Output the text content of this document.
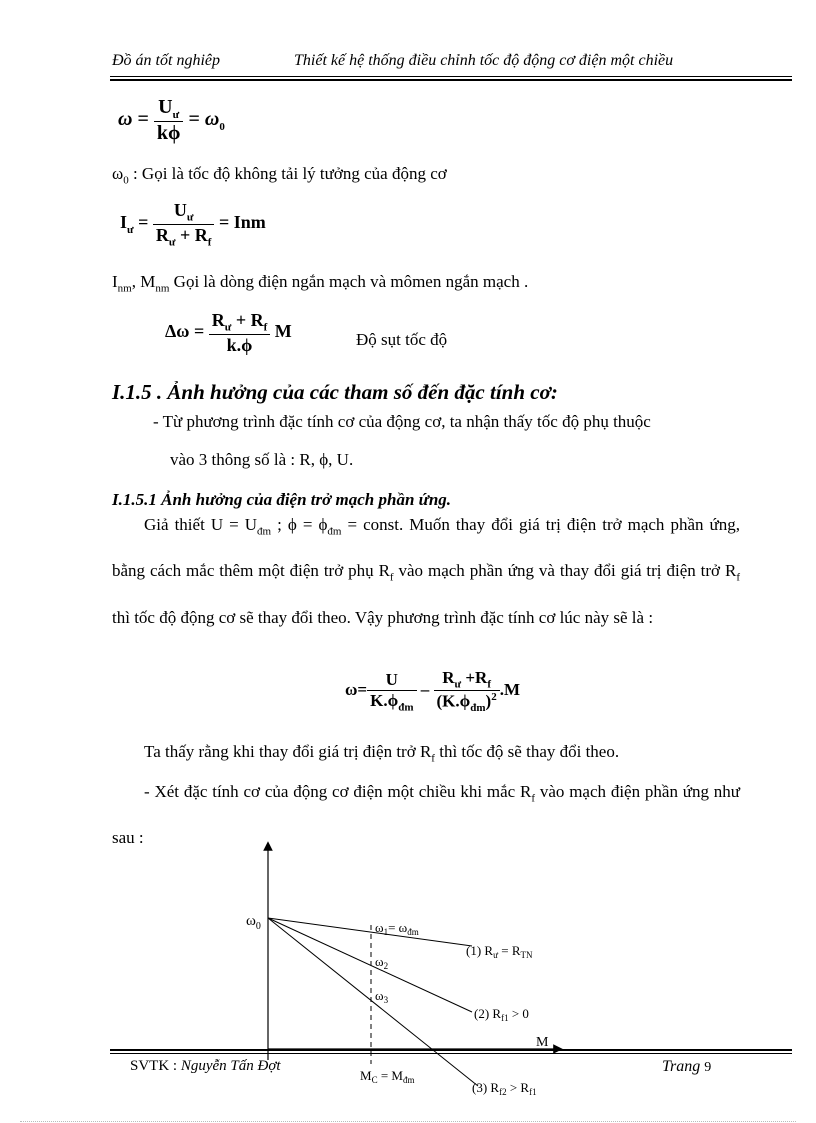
Đồ án tốt nghiêp	Thiết kế hệ thống điều chỉnh tốc độ động cơ điện một chiều
$\omega = \frac{U_ư}{k\phi} = \omega_0$
$\omega_0$ : Gọi là tốc độ không tải lý tưởng của động cơ
$I_ư = \frac{U_ư}{R_ư + R_f}$ = Inm
$I_{nm}$, $M_{nm}$ Gọi là dòng điện ngắn mạch và mômen ngắn mạch .
$\Delta\omega = \frac{R_ư + R_f}{k.\phi}$ M	Độ sụt tốc độ
I.1.5 . Ảnh hưởng của các tham số đến đặc tính cơ:
- Từ phương trình đặc tính cơ của động cơ, ta nhận thấy tốc độ phụ thuộc
vào 3 thông số là : R, ϕ, U.
I.1.5.1 Ảnh hưởng của điện trở mạch phần ứng.
Giả thiết $U = U_{đm}$ ; $\phi = \phi_{đm}$ = const. Muốn thay đổi giá trị điện trở mạch phần ứng, bằng cách mắc thêm một điện trở phụ $R_f$ vào mạch phần ứng và thay đổi giá trị điện trở $R_f$ thì tốc độ động cơ sẽ thay đổi theo. Vậy phương trình đặc tính cơ lúc này sẽ là :
ω=
U
$K.\phi_{đm}$
–
$R_ư +R_f$
$(K.\phi_{đm})^2$ .M
Ta thấy rằng khi thay đổi giá trị điện trở $R_f$ thì tốc độ sẽ thay đổi theo.
- Xét đặc tính cơ của động cơ điện một chiều khi mắc $R_f$ vào mạch điện phần ứng như sau :
$\omega_0$	$\omega_1= \omega_{đm}$
$\omega_2$
$\omega_3$
(1) $R_ư = R_{TN}$
(2) $R_{f1} > 0$
(3) $R_{f2} > R_{f1}$
M
$M_C = M_{đm}$
SVTK : Nguyễn Tấn Đợt	Trang 9
